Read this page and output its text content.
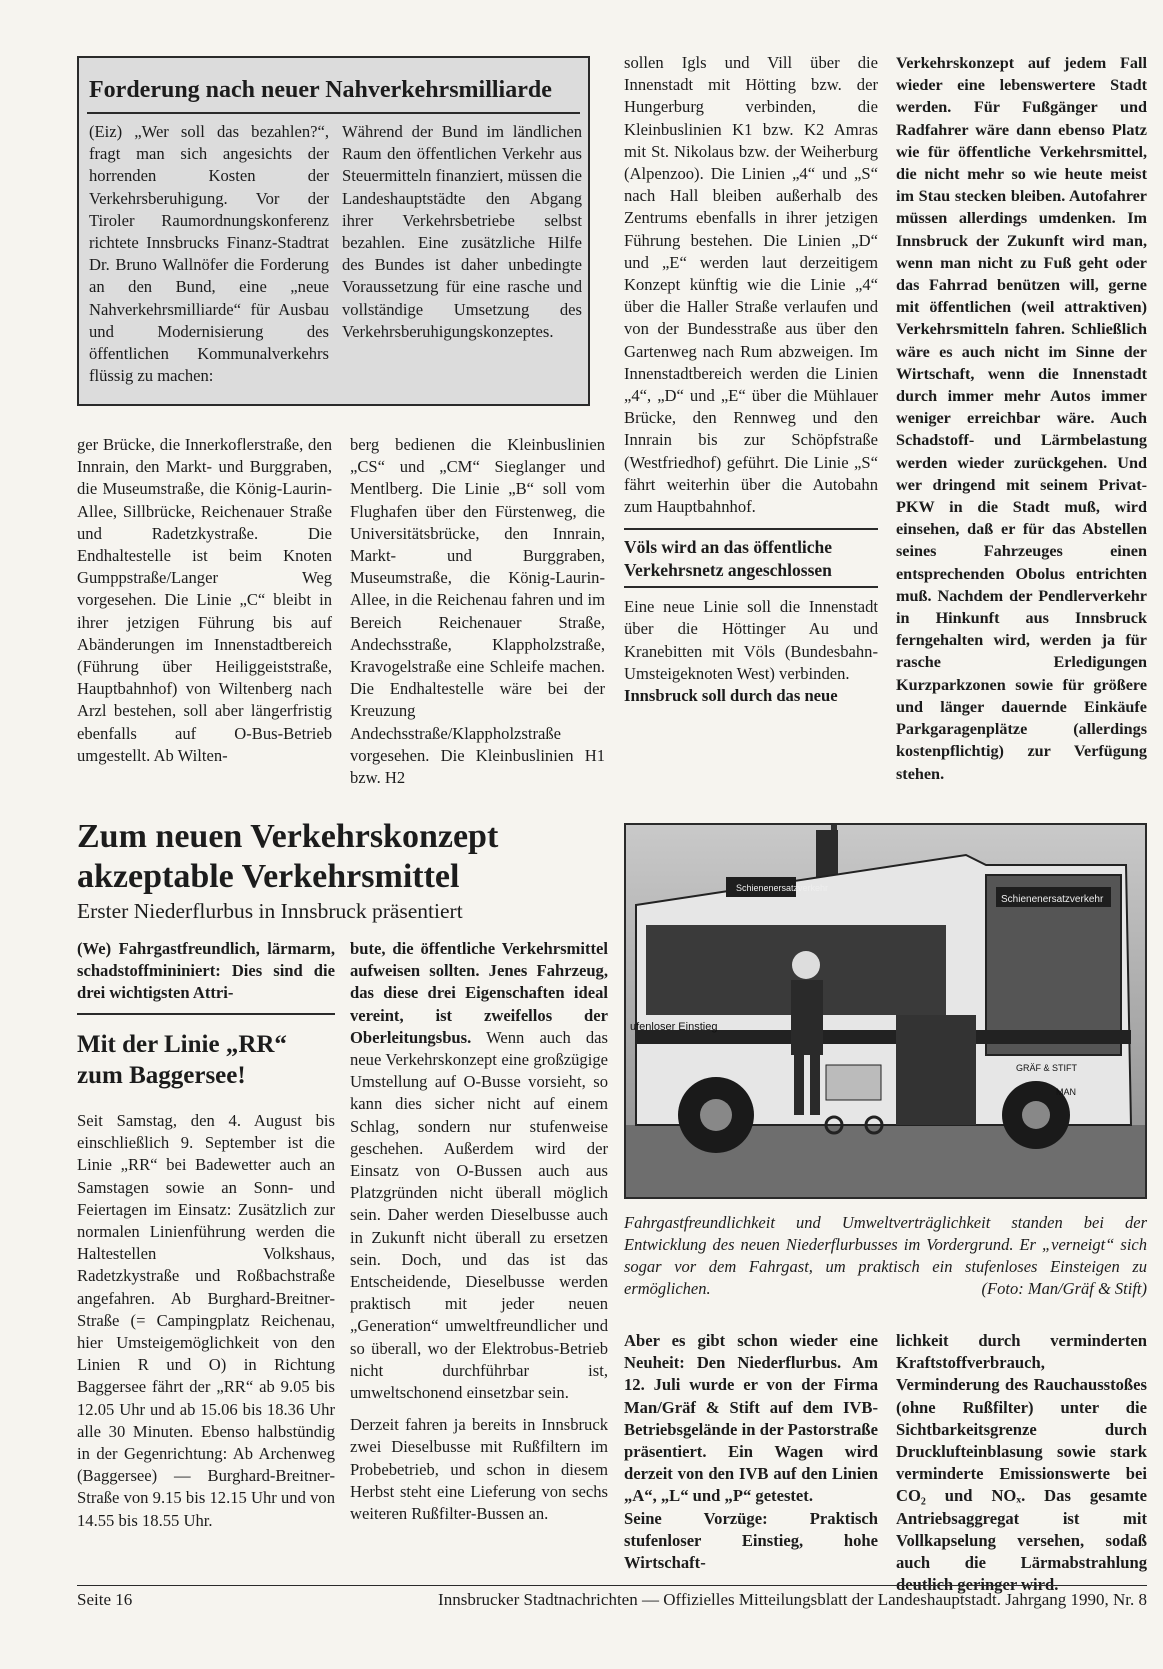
Forderung nach neuer Nahverkehrsmilliarde

(Eiz) „Wer soll das bezahlen?“, fragt man sich angesichts der horrenden Kosten der Verkehrsberuhigung. Vor der Tiroler Raumordnungskonferenz richtete Innsbrucks Finanz-Stadtrat Dr. Bruno Wallnöfer die Forderung an den Bund, eine „neue Nahverkehrsmilliarde“ für Ausbau und Modernisierung des öffentlichen Kommunalverkehrs flüssig zu machen:

Während der Bund im ländlichen Raum den öffentlichen Verkehr aus Steuermitteln finanziert, müssen die Landeshauptstädte den Abgang ihrer Verkehrsbetriebe selbst bezahlen. Eine zusätzliche Hilfe des Bundes ist daher unbedingte Voraussetzung für eine rasche und vollständige Umsetzung des Verkehrsberuhigungskonzeptes.

ger Brücke, die Innerkoflerstraße, den Innrain, den Markt- und Burggraben, die Museumstraße, die König-Laurin-Allee, Sillbrücke, Reichenauer Straße und Radetzkystraße. Die Endhaltestelle ist beim Knoten Gumppstraße/Langer Weg vorgesehen. Die Linie „C“ bleibt in ihrer jetzigen Führung bis auf Abänderungen im Innenstadtbereich (Führung über Heiliggeiststraße, Hauptbahnhof) von Wiltenberg nach Arzl bestehen, soll aber längerfristig ebenfalls auf O-Bus-Betrieb umgestellt. Ab Wilten-

berg bedienen die Kleinbuslinien „CS“ und „CM“ Sieglanger und Mentlberg. Die Linie „B“ soll vom Flughafen über den Fürstenweg, die Universitätsbrücke, den Innrain, Markt- und Burggraben, Museumstraße, die König-Laurin-Allee, in die Reichenau fahren und im Bereich Reichenauer Straße, Andechsstraße, Klappholzstraße, Kravogelstraße eine Schleife machen. Die Endhaltestelle wäre bei der Kreuzung Andechsstraße/Klappholzstraße vorgesehen. Die Kleinbuslinien H1 bzw. H2

sollen Igls und Vill über die Innenstadt mit Hötting bzw. der Hungerburg verbinden, die Kleinbuslinien K1 bzw. K2 Amras mit St. Nikolaus bzw. der Weiherburg (Alpenzoo). Die Linien „4“ und „S“ nach Hall bleiben außerhalb des Zentrums ebenfalls in ihrer jetzigen Führung bestehen. Die Linien „D“ und „E“ werden laut derzeitigem Konzept künftig wie die Linie „4“ über die Haller Straße verlaufen und von der Bundesstraße aus über den Gartenweg nach Rum abzweigen. Im Innenstadtbereich werden die Linien „4“, „D“ und „E“ über die Mühlauer Brücke, den Rennweg und den Innrain bis zur Schöpfstraße (Westfriedhof) geführt. Die Linie „S“ fährt weiterhin über die Autobahn zum Hauptbahnhof.

Völs wird an das öffentliche Verkehrsnetz angeschlossen

Eine neue Linie soll die Innenstadt über die Höttinger Au und Kranebitten mit Völs (Bundesbahn-Umsteigeknoten West) verbinden.

Innsbruck soll durch das neue

Verkehrskonzept auf jedem Fall wieder eine lebenswertere Stadt werden. Für Fußgänger und Radfahrer wäre dann ebenso Platz wie für öffentliche Verkehrsmittel, die nicht mehr so wie heute meist im Stau stecken bleiben. Autofahrer müssen allerdings umdenken. Im Innsbruck der Zukunft wird man, wenn man nicht zu Fuß geht oder das Fahrrad benützen will, gerne mit öffentlichen (weil attraktiven) Verkehrsmitteln fahren. Schließlich wäre es auch nicht im Sinne der Wirtschaft, wenn die Innenstadt durch immer mehr Autos immer weniger erreichbar wäre. Auch Schadstoff- und Lärmbelastung werden wieder zurückgehen. Und wer dringend mit seinem Privat-PKW in die Stadt muß, wird einsehen, daß er für das Abstellen seines Fahrzeuges einen entsprechenden Obolus entrichten muß. Nachdem der Pendlerverkehr in Hinkunft aus Innsbruck ferngehalten wird, werden ja für rasche Erledigungen Kurzparkzonen sowie für größere und länger dauernde Einkäufe Parkgaragenplätze (allerdings kostenpflichtig) zur Verfügung stehen.

Zum neuen Verkehrskonzept
akzeptable Verkehrsmittel
Erster Niederflurbus in Innsbruck präsentiert

(We) Fahrgastfreundlich, lärmarm, schadstoffmininiert: Dies sind die drei wichtigsten Attri-

Mit der Linie „RR“ zum Baggersee!

Seit Samstag, den 4. August bis einschließlich 9. September ist die Linie „RR“ bei Badewetter auch an Samstagen sowie an Sonn- und Feiertagen im Einsatz: Zusätzlich zur normalen Linienführung werden die Haltestellen Volkshaus, Radetzkystraße und Roßbachstraße angefahren. Ab Burghard-Breitner-Straße (= Campingplatz Reichenau, hier Umsteigemöglichkeit von den Linien R und O) in Richtung Baggersee fährt der „RR“ ab 9.05 bis 12.05 Uhr und ab 15.06 bis 18.36 Uhr alle 30 Minuten. Ebenso halbstündig in der Gegenrichtung: Ab Archenweg (Baggersee) — Burghard-Breitner-Straße von 9.15 bis 12.15 Uhr und von 14.55 bis 18.55 Uhr.

bute, die öffentliche Verkehrsmittel aufweisen sollten. Jenes Fahrzeug, das diese drei Eigenschaften ideal vereint, ist zweifellos der Oberleitungsbus. Wenn auch das neue Verkehrskonzept eine großzügige Umstellung auf O-Busse vorsieht, so kann dies sicher nicht auf einem Schlag, sondern nur stufenweise geschehen. Außerdem wird der Einsatz von O-Bussen auch aus Platzgründen nicht überall möglich sein. Daher werden Dieselbusse auch in Zukunft nicht überall zu ersetzen sein. Doch, und das ist das Entscheidende, Dieselbusse werden praktisch mit jeder neuen „Generation“ umweltfreundlicher und so überall, wo der Elektrobus-Betrieb nicht durchführbar ist, umweltschonend einsetzbar sein.

Derzeit fahren ja bereits in Innsbruck zwei Dieselbusse mit Rußfiltern im Probebetrieb, und schon in diesem Herbst steht eine Lieferung von sechs weiteren Rußfilter-Bussen an.

Schienenersatzverkehr
Schienenersatzverkehr
ufenloser Einstieg
GRÄF & STIFT
MAN
Fahrgastfreundlichkeit und Umweltverträglichkeit standen bei der Entwicklung des neuen Niederflurbusses im Vordergrund. Er „verneigt“ sich sogar vor dem Fahrgast, um praktisch ein stufenloses Einsteigen zu ermöglichen.	(Foto: Man/Gräf & Stift)

Aber es gibt schon wieder eine Neuheit: Den Niederflurbus. Am 12. Juli wurde er von der Firma Man/Gräf & Stift auf dem IVB-Betriebsgelände in der Pastorstraße präsentiert. Ein Wagen wird derzeit von den IVB auf den Linien „A“, „L“ und „P“ getestet.

Seine Vorzüge: Praktisch stufenloser Einstieg, hohe Wirtschaft-

lichkeit durch verminderten Kraftstoffverbrauch, Verminderung des Rauchausstoßes (ohne Rußfilter) unter die Sichtbarkeitsgrenze durch Drucklufteinblasung sowie stark verminderte Emissionswerte bei CO₂ und NOₓ. Das gesamte Antriebsaggregat ist mit Vollkapselung versehen, sodaß auch die Lärmabstrahlung deutlich geringer wird.

Seite 16	Innsbrucker Stadtnachrichten — Offizielles Mitteilungsblatt der Landeshauptstadt. Jahrgang 1990, Nr. 8
